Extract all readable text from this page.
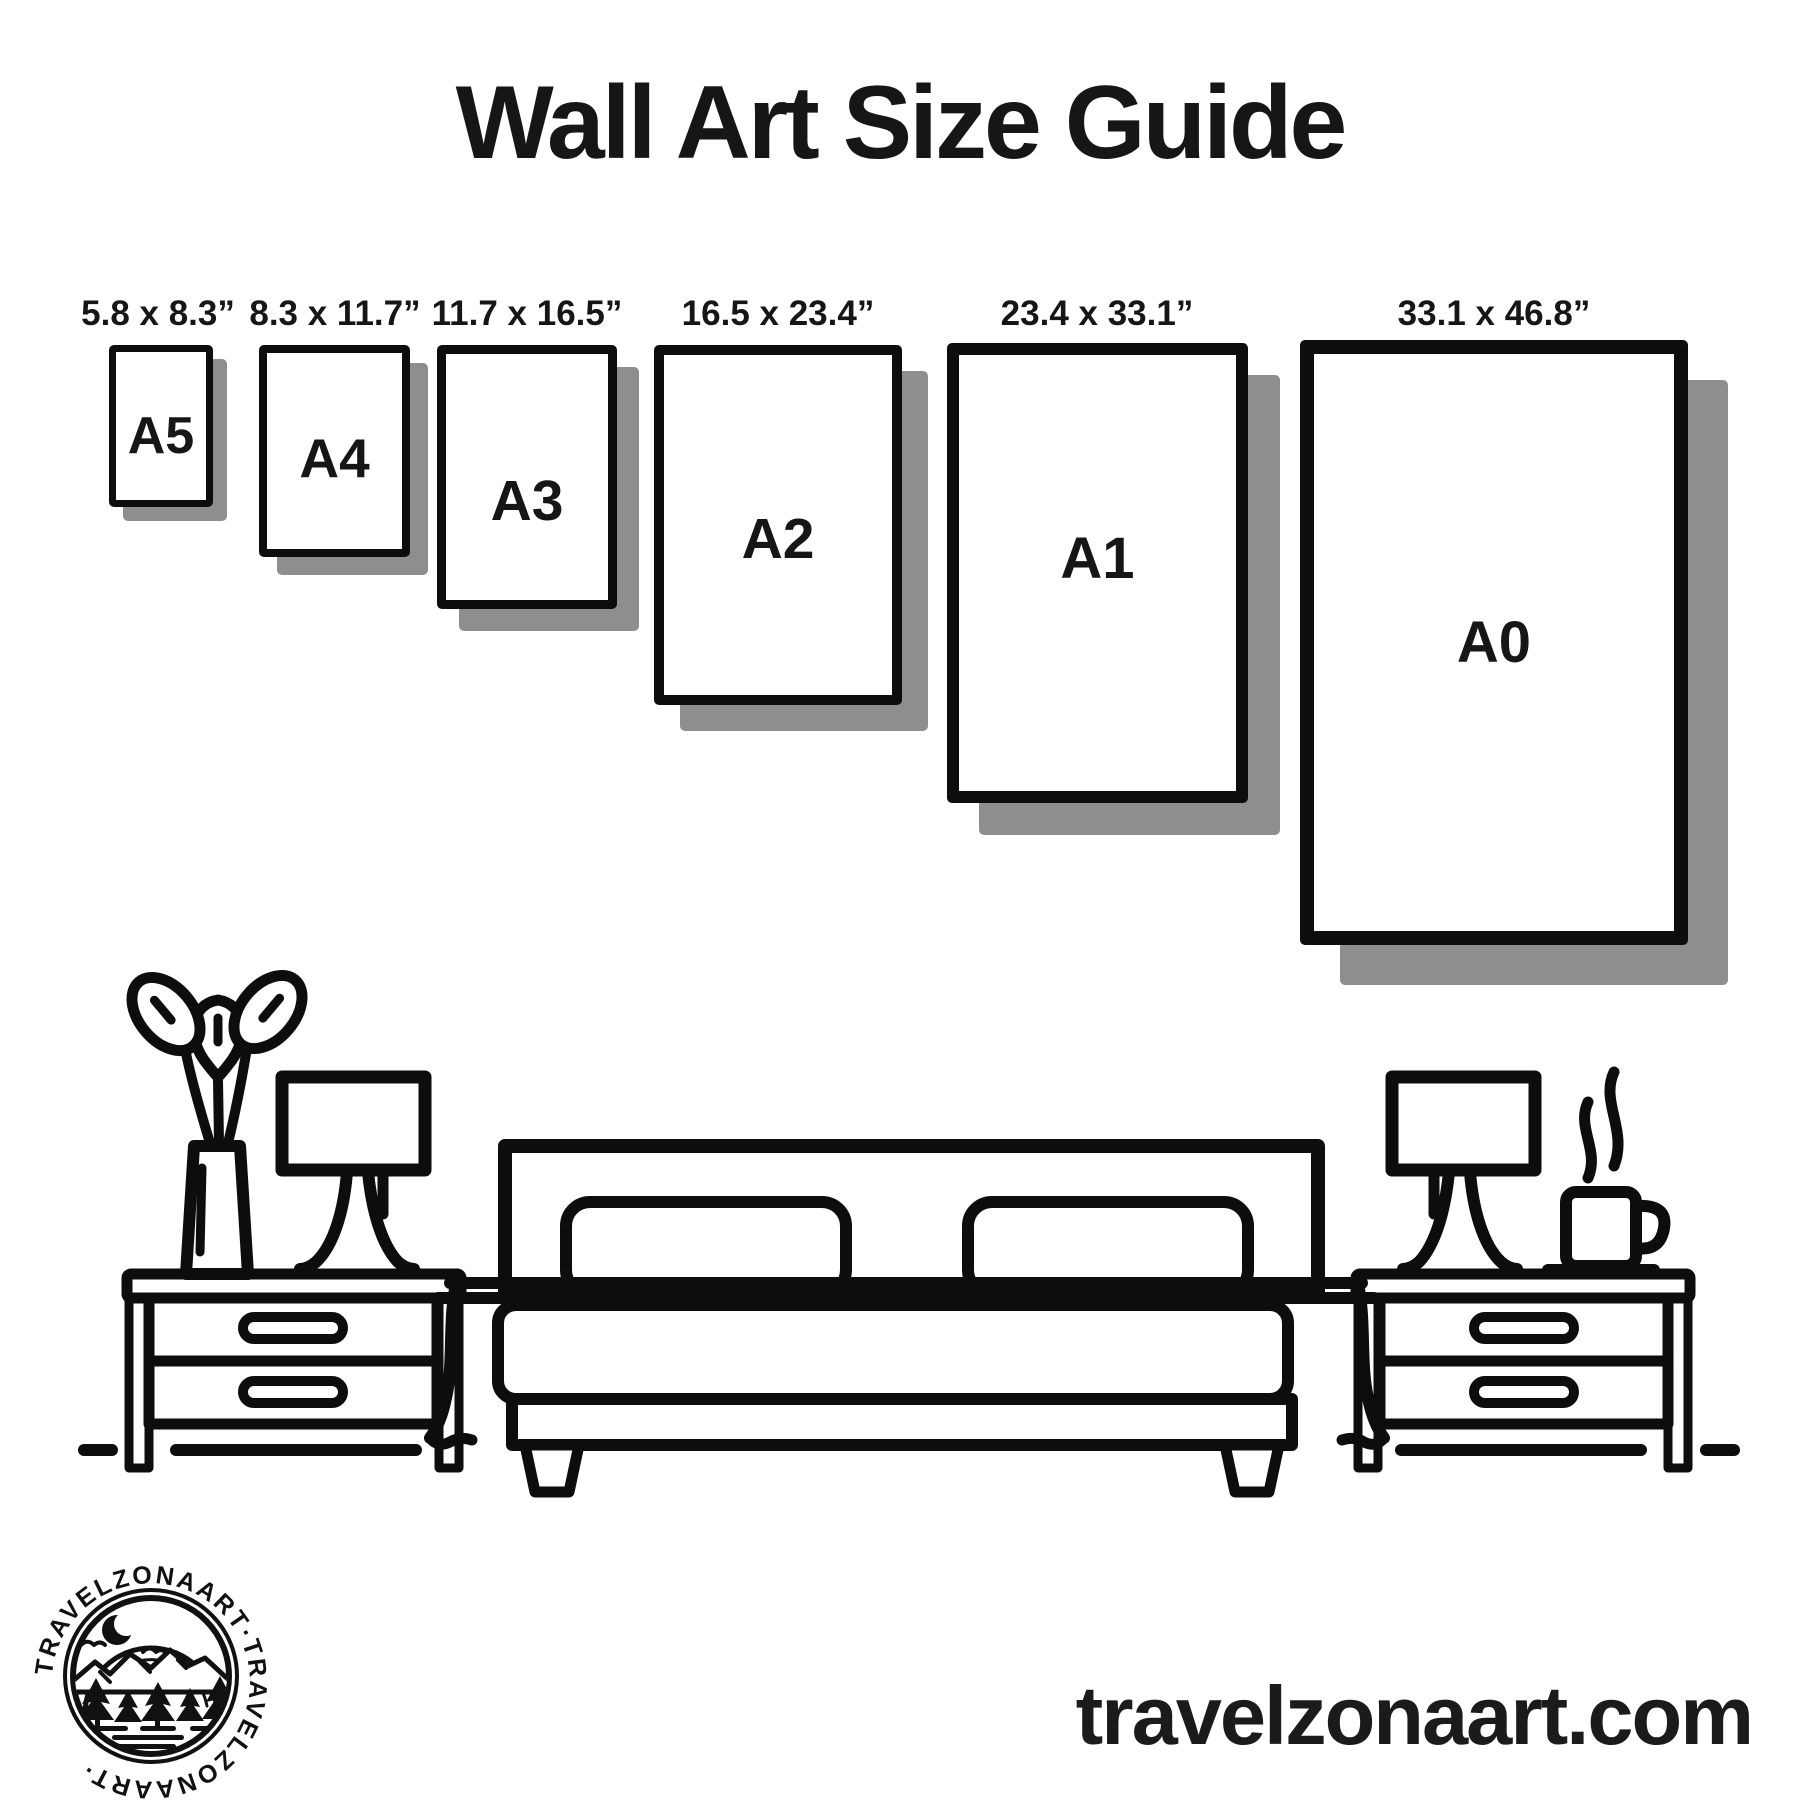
Wall Art Size Guide
5.8 x 8.3” 8.3 x 11.7” 11.7 x 16.5”	16.5 x 23.4”	23.4 x 33.1”	33.1 x 46.8”
A5 A4
A3
A2	A1
A0
TRAVELZONAART·TRAVELZONAART·
travelzonaart.com
